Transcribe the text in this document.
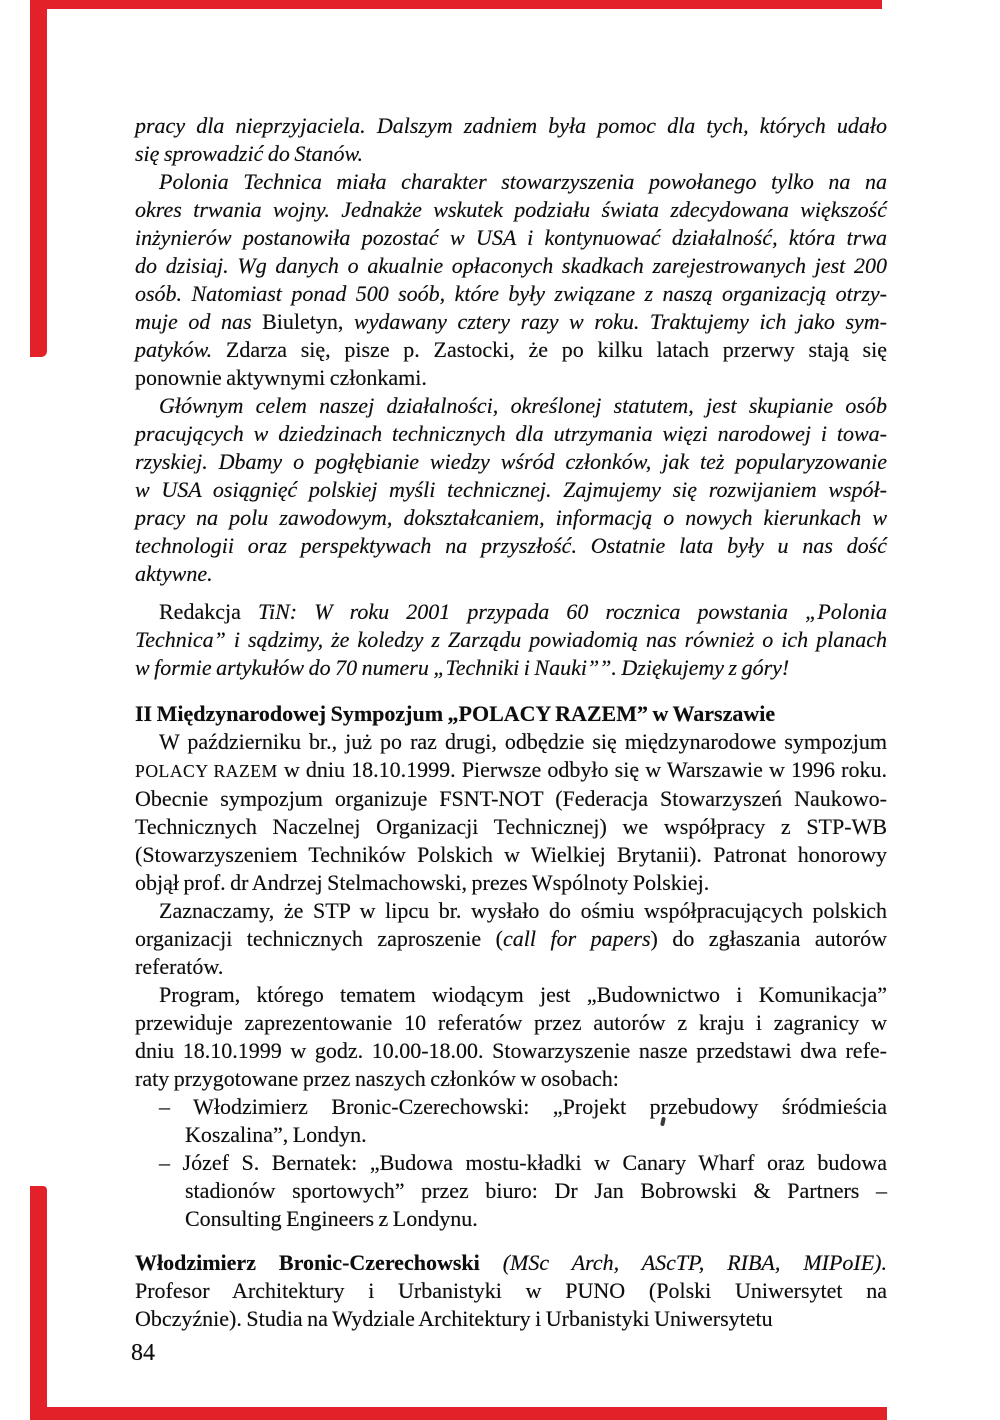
pracy dla nieprzyjaciela. Dalszym zadniem była pomoc dla tych, których udało
się sprowadzić do Stanów.
Polonia Technica miała charakter stowarzyszenia powołanego tylko na na
okres trwania wojny. Jednakże wskutek podziału świata zdecydowana większość
inżynierów postanowiła pozostać w USA i kontynuować działalność, która trwa
do dzisiaj. Wg danych o akualnie opłaconych skadkach zarejestrowanych jest 200
osób. Natomiast ponad 500 soób, które były związane z naszą organizacją otrzy-
muje od nas Biuletyn, wydawany cztery razy w roku. Traktujemy ich jako sym-
patyków. Zdarza się, pisze p. Zastocki, że po kilku latach przerwy stają się
ponownie aktywnymi członkami.
Głównym celem naszej działalności, określonej statutem, jest skupianie osób
pracujących w dziedzinach technicznych dla utrzymania więzi narodowej i towa-
rzyskiej. Dbamy o pogłębianie wiedzy wśród członków, jak też popularyzowanie
w USA osiągnięć polskiej myśli technicznej. Zajmujemy się rozwijaniem współ-
pracy na polu zawodowym, dokształcaniem, informacją o nowych kierunkach w
technologii oraz perspektywach na przyszłość. Ostatnie lata były u nas dość
aktywne.
Redakcja TiN: W roku 2001 przypada 60 rocznica powstania „Polonia
Technica” i sądzimy, że koledzy z Zarządu powiadomią nas również o ich planach
w formie artykułów do 70 numeru „Techniki i Nauki””. Dziękujemy z góry!
II Międzynarodowej Sympozjum „POLACY RAZEM” w Warszawie
W październiku br., już po raz drugi, odbędzie się międzynarodowe sympozjum
POLACY RAZEM w dniu 18.10.1999. Pierwsze odbyło się w Warszawie w 1996 roku.
Obecnie sympozjum organizuje FSNT-NOT (Federacja Stowarzyszeń Naukowo-
Technicznych Naczelnej Organizacji Technicznej) we współpracy z STP-WB
(Stowarzyszeniem Techników Polskich w Wielkiej Brytanii). Patronat honorowy
objął prof. dr Andrzej Stelmachowski, prezes Wspólnoty Polskiej.
Zaznaczamy, że STP w lipcu br. wysłało do ośmiu współpracujących polskich
organizacji technicznych zaproszenie (call for papers) do zgłaszania autorów
referatów.
Program, którego tematem wiodącym jest „Budownictwo i Komunikacja”
przewiduje zaprezentowanie 10 referatów przez autorów z kraju i zagranicy w
dniu 18.10.1999 w godz. 10.00-18.00. Stowarzyszenie nasze przedstawi dwa refe-
raty przygotowane przez naszych członków w osobach:
– Włodzimierz Bronic-Czerechowski: „Projekt przebudowy śródmieścia
Koszalina”, Londyn.
– Józef S. Bernatek: „Budowa mostu-kładki w Canary Wharf oraz budowa
stadionów sportowych” przez biuro: Dr Jan Bobrowski & Partners –
Consulting Engineers z Londynu.
Włodzimierz Bronic-Czerechowski (MSc Arch, AScTP, RIBA, MIPoIE).
Profesor Architektury i Urbanistyki w PUNO (Polski Uniwersytet na
Obczyźnie). Studia na Wydziale Architektury i Urbanistyki Uniwersytetu
84
